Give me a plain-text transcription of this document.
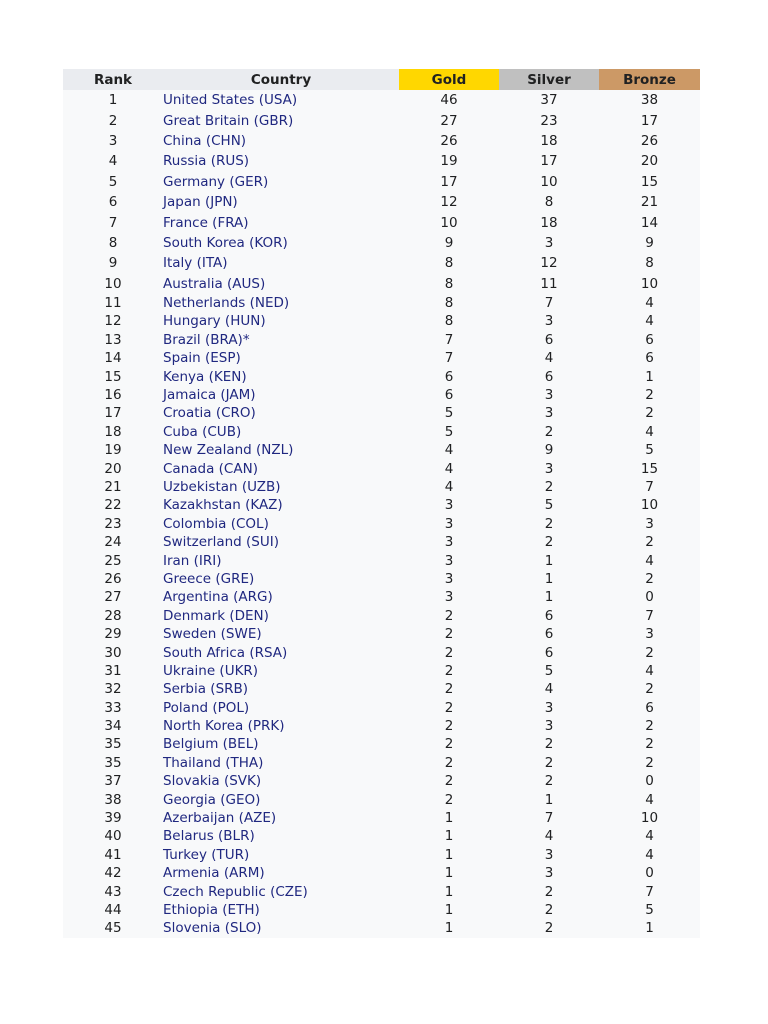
Rank	Country	Gold	Silver	Bronze
1	United States (USA)	46	37	38
2	Great Britain (GBR)	27	23	17
3	China (CHN)	26	18	26
4	Russia (RUS)	19	17	20
5	Germany (GER)	17	10	15
6	Japan (JPN)	12	8	21
7	France (FRA)	10	18	14
8	South Korea (KOR)	9	3	9
9	Italy (ITA)	8	12	8
10	Australia (AUS)	8	11	10
11	Netherlands (NED)	8	7	4
12	Hungary (HUN)	8	3	4
13	Brazil (BRA)*	7	6	6
14	Spain (ESP)	7	4	6
15	Kenya (KEN)	6	6	1
16	Jamaica (JAM)	6	3	2
17	Croatia (CRO)	5	3	2
18	Cuba (CUB)	5	2	4
19	New Zealand (NZL)	4	9	5
20	Canada (CAN)	4	3	15
21	Uzbekistan (UZB)	4	2	7
22	Kazakhstan (KAZ)	3	5	10
23	Colombia (COL)	3	2	3
24	Switzerland (SUI)	3	2	2
25	Iran (IRI)	3	1	4
26	Greece (GRE)	3	1	2
27	Argentina (ARG)	3	1	0
28	Denmark (DEN)	2	6	7
29	Sweden (SWE)	2	6	3
30	South Africa (RSA)	2	6	2
31	Ukraine (UKR)	2	5	4
32	Serbia (SRB)	2	4	2
33	Poland (POL)	2	3	6
34	North Korea (PRK)	2	3	2
35	Belgium (BEL)	2	2	2
35	Thailand (THA)	2	2	2
37	Slovakia (SVK)	2	2	0
38	Georgia (GEO)	2	1	4
39	Azerbaijan (AZE)	1	7	10
40	Belarus (BLR)	1	4	4
41	Turkey (TUR)	1	3	4
42	Armenia (ARM)	1	3	0
43	Czech Republic (CZE)	1	2	7
44	Ethiopia (ETH)	1	2	5
45	Slovenia (SLO)	1	2	1
